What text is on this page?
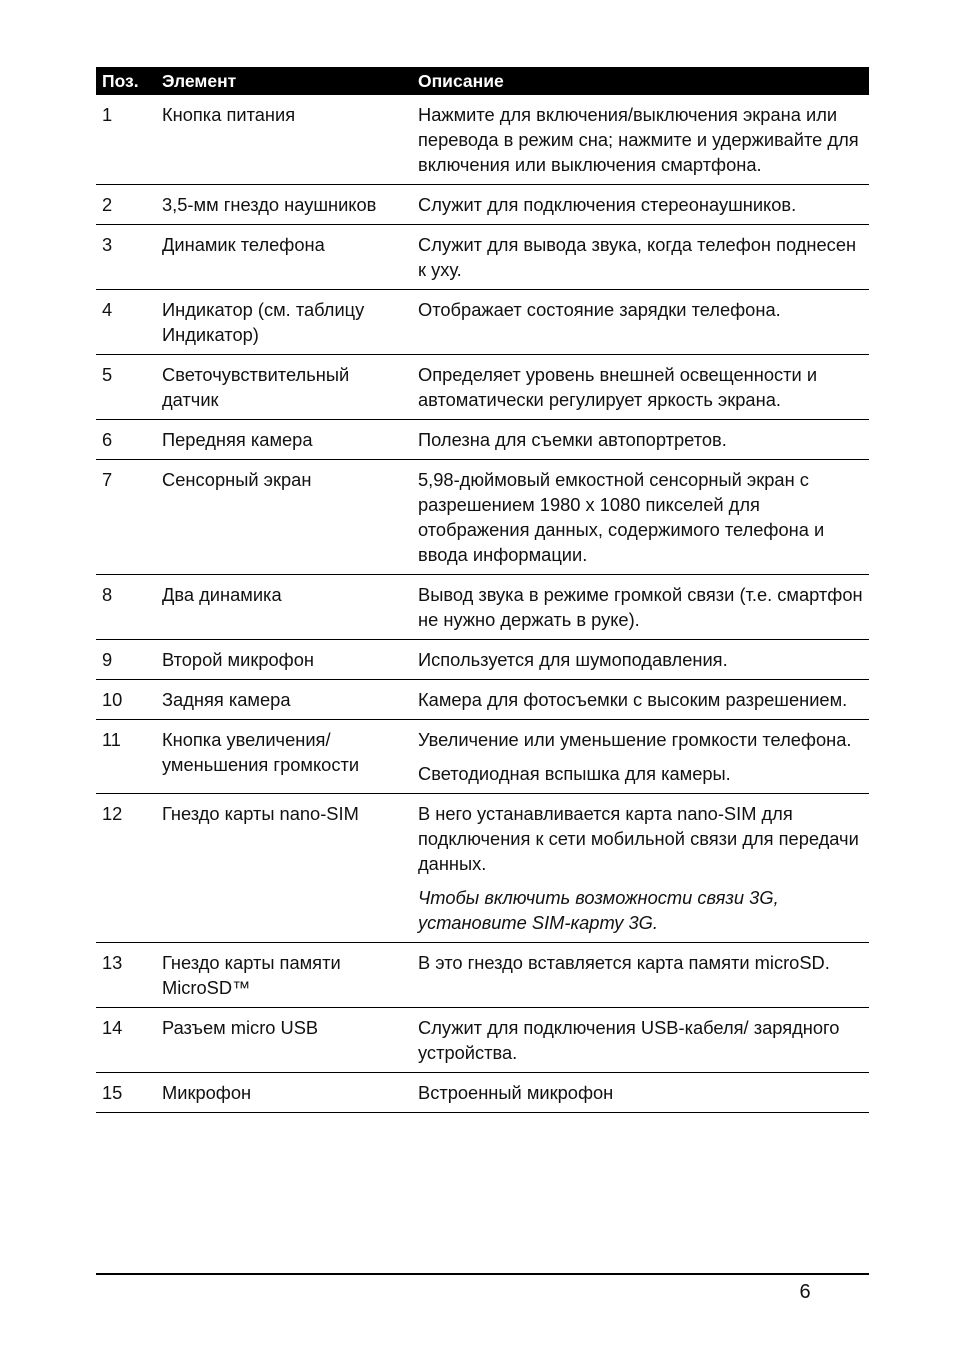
Поз.	Элемент	Описание
1	Кнопка питания	Нажмите для включения/выключения экрана или перевода в режим сна; нажмите и удерживайте для включения или выключения смартфона.

2	3,5-мм гнездо наушников	Служит для подключения стереонаушников.

3	Динамик телефона	Служит для вывода звука, когда телефон поднесен к уху.

4	Индикатор (см. таблицу Индикатор)	Отображает состояние зарядки телефона.

5	Светочувствительный датчик	Определяет уровень внешней освещенности и автоматически регулирует яркость экрана.

6	Передняя камера	Полезна для съемки автопортретов.

7	Сенсорный экран	5,98-дюймовый емкостной сенсорный экран с разрешением 1980 x 1080 пикселей для отображения данных, содержимого телефона и ввода информации.

8	Два динамика	Вывод звука в режиме громкой связи (т.е. смартфон не нужно держать в руке).

9	Второй микрофон	Используется для шумоподавления.

10	Задняя камера	Камера для фотосъемки с высоким разрешением.

11	Кнопка увеличения/ уменьшения громкости	Увеличение или уменьшение громкости телефона.

Светодиодная вспышка для камеры.

12	Гнездо карты nano-SIM	В него устанавливается карта nano-SIM для подключения к сети мобильной связи для передачи данных.

Чтобы включить возможности связи 3G, установите SIM-карту 3G.

13	Гнездо карты памяти MicroSD™	В это гнездо вставляется карта памяти microSD.

14	Разъем micro USB	Служит для подключения USB-кабеля/ зарядного устройства.

15	Микрофон	Встроенный микрофон

6
